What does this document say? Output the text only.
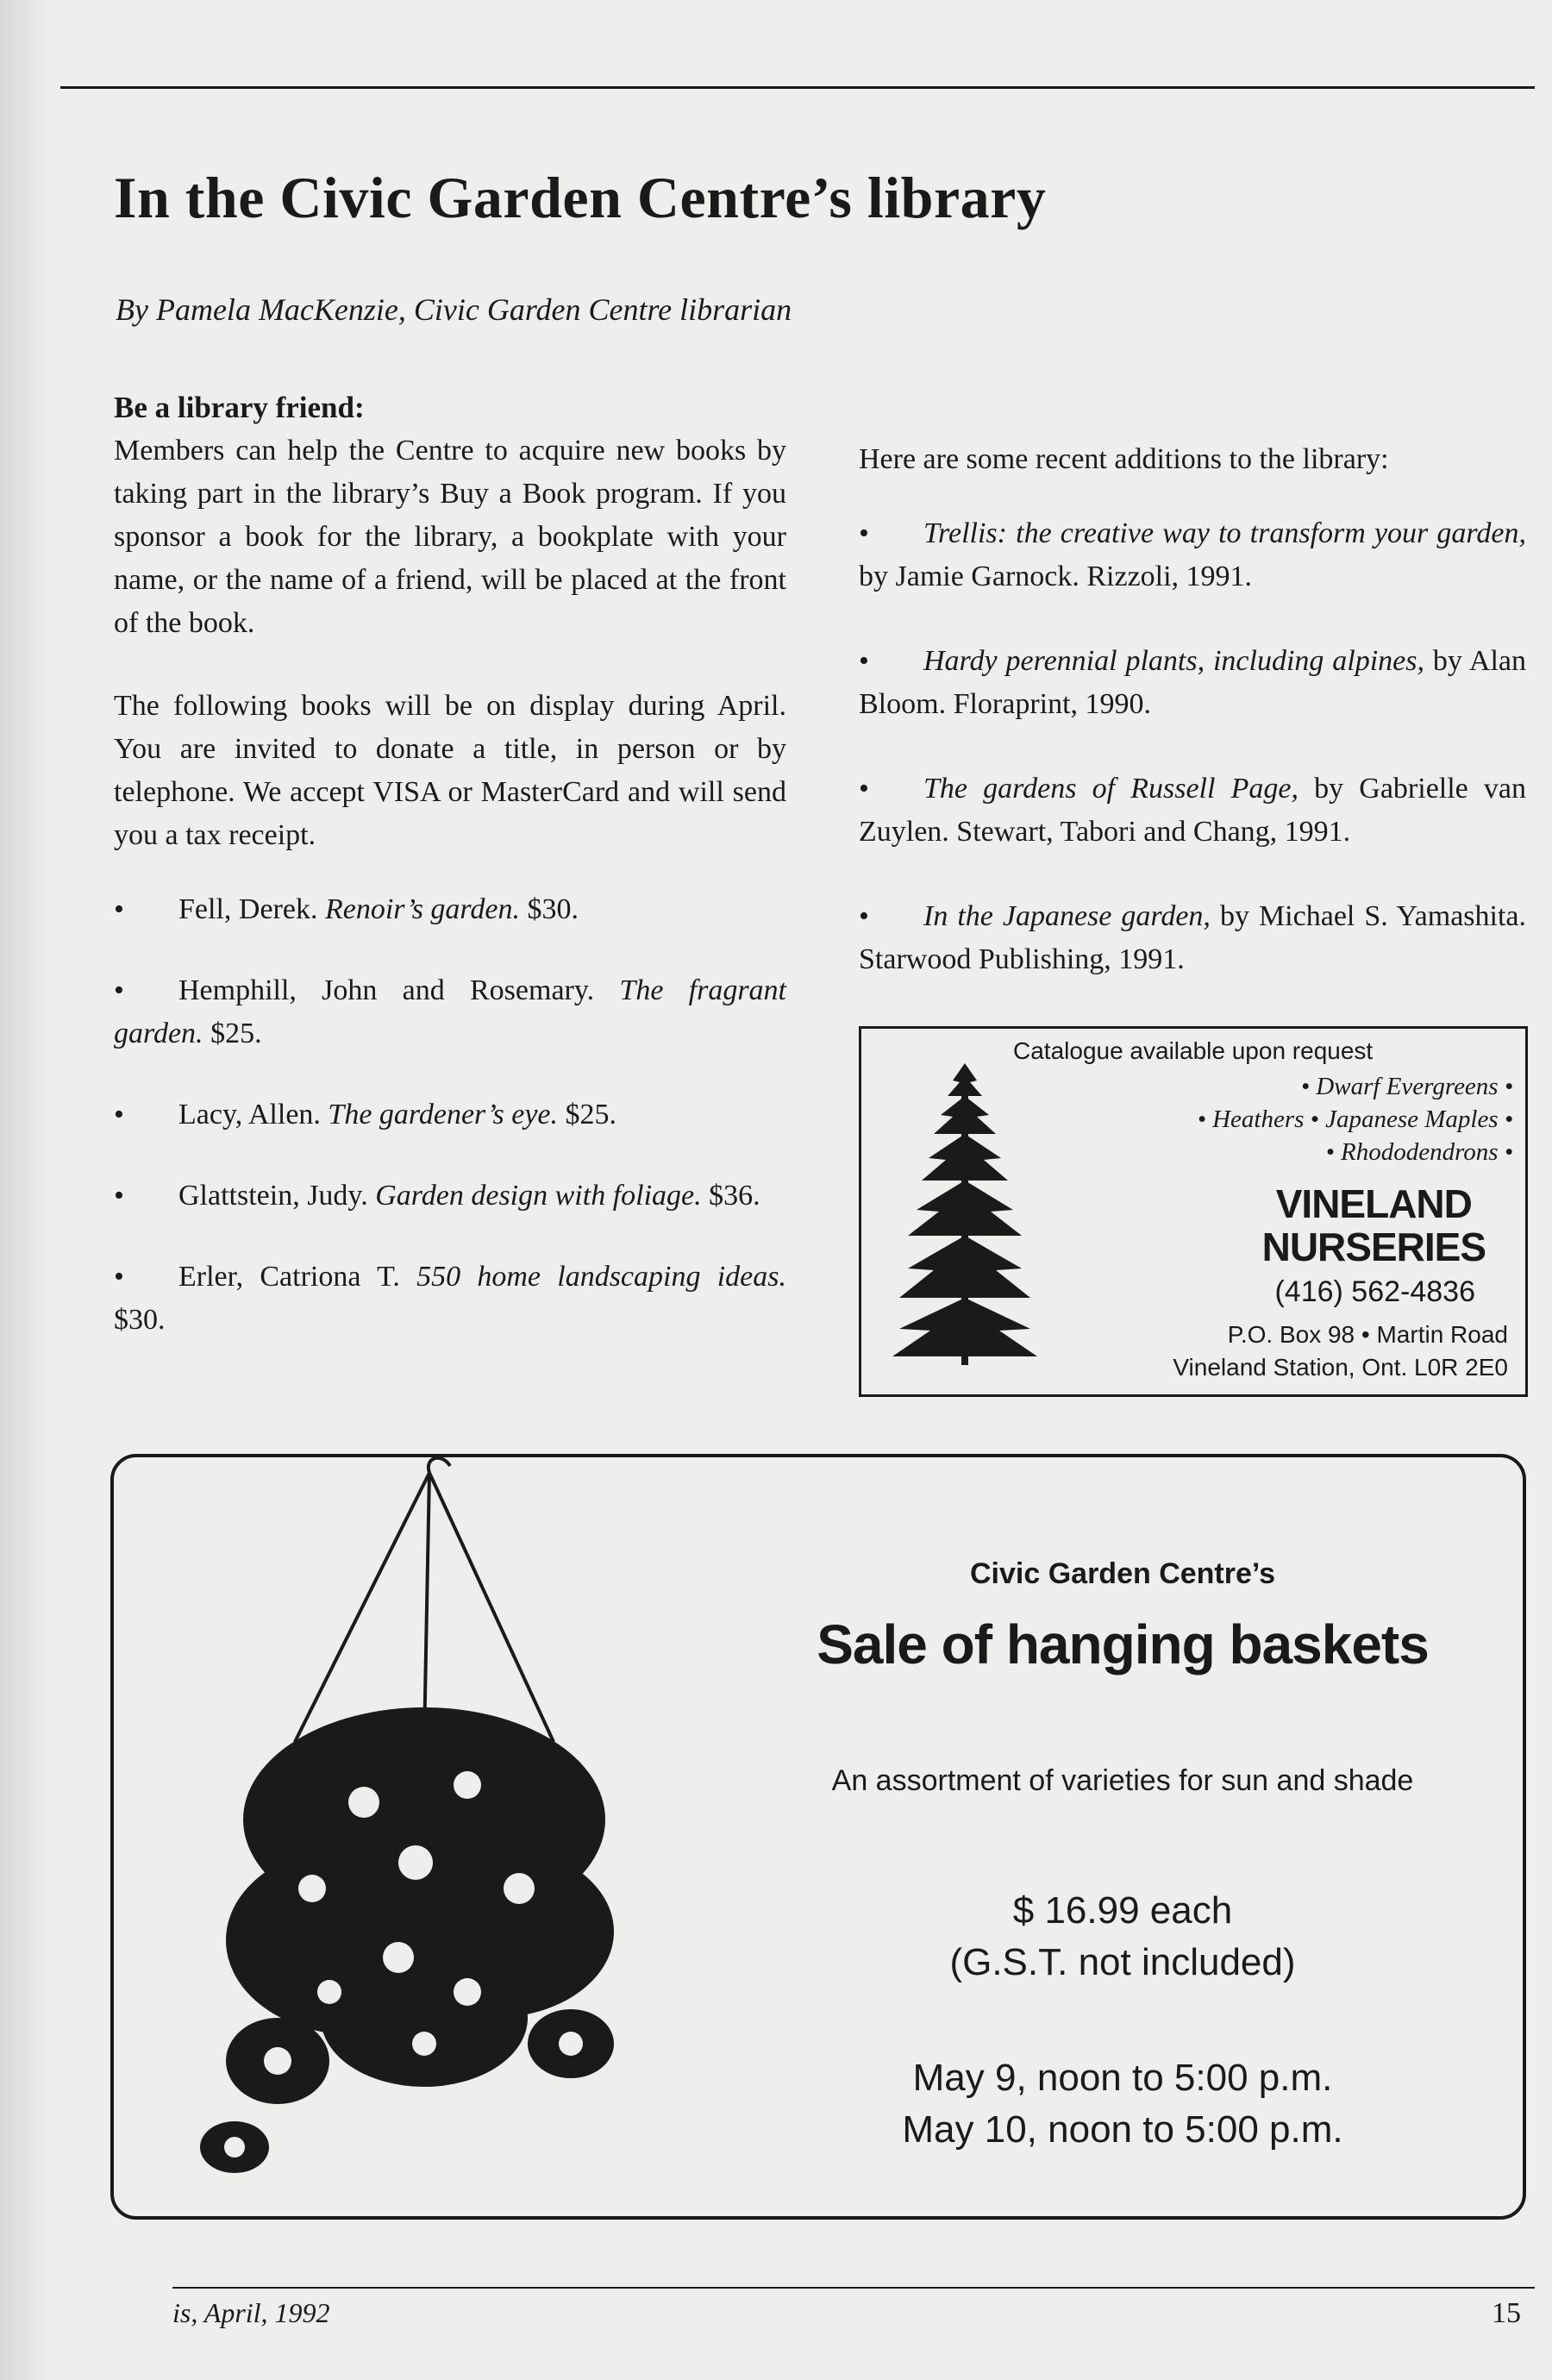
In the Civic Garden Centre’s library
By Pamela MacKenzie, Civic Garden Centre librarian

Be a library friend:

Members can help the Centre to acquire new books by taking part in the library’s Buy a Book program. If you sponsor a book for the library, a bookplate with your name, or the name of a friend, will be placed at the front of the book.

The following books will be on display during April. You are invited to donate a title, in person or by telephone. We accept VISA or MasterCard and will send you a tax receipt.

• Fell, Derek. Renoir’s garden. $30.
• Hemphill, John and Rosemary. The fragrant garden. $25.
• Lacy, Allen. The gardener’s eye. $25.
• Glattstein, Judy. Garden design with foliage. $36.
• Erler, Catriona T. 550 home landscaping ideas. $30.

Here are some recent additions to the library:

• Trellis: the creative way to transform your garden, by Jamie Garnock. Rizzoli, 1991.
• Hardy perennial plants, including alpines, by Alan Bloom. Floraprint, 1990.
• The gardens of Russell Page, by Gabrielle van Zuylen. Stewart, Tabori and Chang, 1991.
• In the Japanese garden, by Michael S. Yamashita. Starwood Publishing, 1991.
Catalogue available upon request
• Dwarf Evergreens •
• Heathers • Japanese Maples •
• Rhododendrons •
VINELAND
NURSERIES
(416) 562-4836
P.O. Box 98 • Martin Road
Vineland Station, Ont. L0R 2E0
Civic Garden Centre’s
Sale of hanging baskets
An assortment of varieties for sun and shade
$ 16.99 each
(G.S.T. not included)
May 9, noon to 5:00 p.m.
May 10, noon to 5:00 p.m.
is, April, 1992	15
